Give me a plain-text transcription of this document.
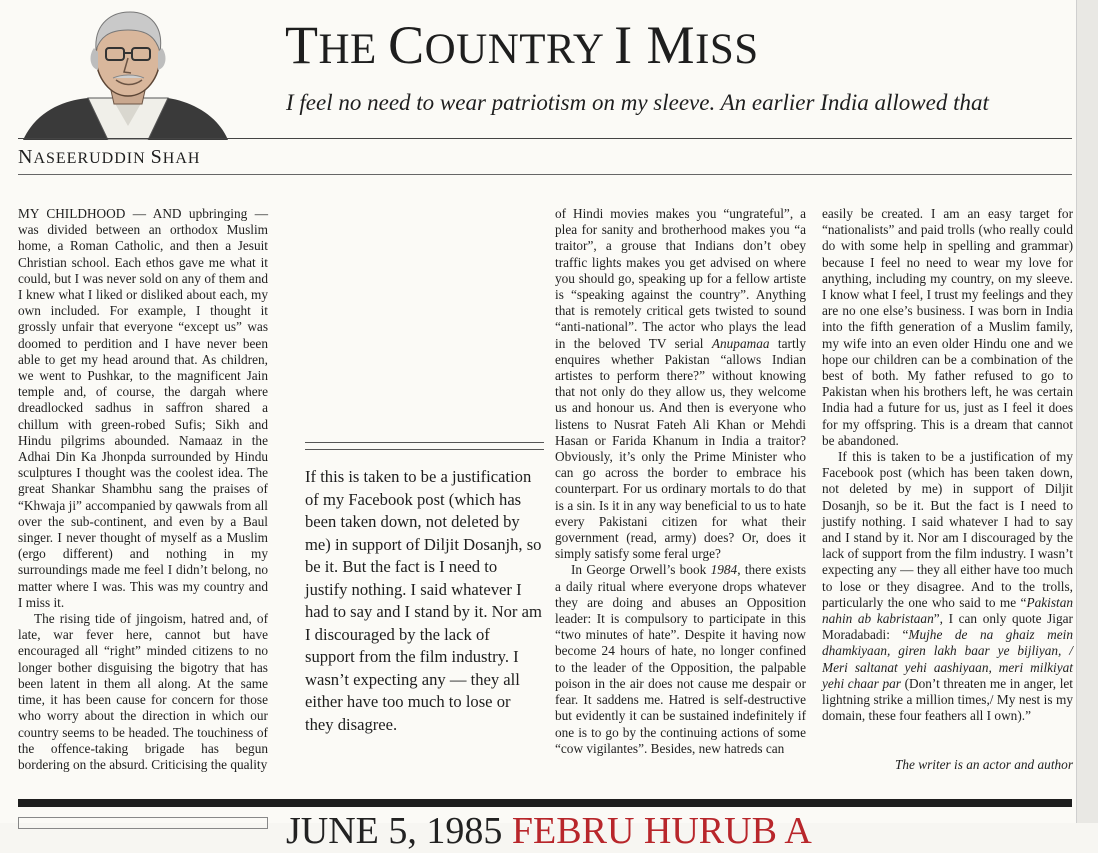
THE COUNTRY I MISS
I feel no need to wear patriotism on my sleeve. An earlier India allowed that
NASEERUDDIN SHAH

MY CHILDHOOD — AND upbringing — was divided between an orthodox Muslim home, a Roman Catholic, and then a Jesuit Christian school. Each ethos gave me what it could, but I was never sold on any of them and I knew what I liked or disliked about each, my own included. For example, I thought it grossly unfair that everyone “except us” was doomed to perdition and I have never been able to get my head around that. As children, we went to Pushkar, to the magnificent Jain temple and, of course, the dargah where dreadlocked sadhus in saffron shared a chillum with green-robed Sufis; Sikh and Hindu pilgrims abounded. Namaaz in the Adhai Din Ka Jhonpda surrounded by Hindu sculptures I thought was the coolest idea. The great Shankar Shambhu sang the praises of “Khwaja ji” accompanied by qawwals from all over the sub-continent, and even by a Baul singer. I never thought of myself as a Muslim (ergo different) and nothing in my surroundings made me feel I didn’t belong, no matter where I was. This was my country and I miss it.

The rising tide of jingoism, hatred and, of late, war fever here, cannot but have encouraged all “right” minded citizens to no longer bother disguising the bigotry that has been latent in them all along. At the same time, it has been cause for concern for those who worry about the direction in which our country seems to be headed. The touchiness of the offence-taking brigade has begun bordering on the absurd. Criticising the quality

If this is taken to be a justification of my Facebook post (which has been taken down, not deleted by me) in support of Diljit Dosanjh, so be it. But the fact is I need to justify nothing. I said whatever I had to say and I stand by it. Nor am I discouraged by the lack of support from the film industry. I wasn’t expecting any — they all either have too much to lose or they disagree.

of Hindi movies makes you “ungrateful”, a plea for sanity and brotherhood makes you “a traitor”, a grouse that Indians don’t obey traffic lights makes you get advised on where you should go, speaking up for a fellow artiste is “speaking against the country”. Anything that is remotely critical gets twisted to sound “anti-national”. The actor who plays the lead in the beloved TV serial Anupamaa tartly enquires whether Pakistan “allows Indian artistes to perform there?” without knowing that not only do they allow us, they welcome us and honour us. And then is everyone who listens to Nusrat Fateh Ali Khan or Mehdi Hasan or Farida Khanum in India a traitor? Obviously, it’s only the Prime Minister who can go across the border to embrace his counterpart. For us ordinary mortals to do that is a sin. Is it in any way beneficial to us to hate every Pakistani citizen for what their government (read, army) does? Or, does it simply satisfy some feral urge?

In George Orwell’s book 1984, there exists a daily ritual where everyone drops whatever they are doing and abuses an Opposition leader: It is compulsory to participate in this “two minutes of hate”. Despite it having now become 24 hours of hate, no longer confined to the leader of the Opposition, the palpable poison in the air does not cause me despair or fear. It saddens me. Hatred is self-destructive but evidently it can be sustained indefinitely if one is to go by the continuing actions of some “cow vigilantes”. Besides, new hatreds can

easily be created. I am an easy target for “nationalists” and paid trolls (who really could do with some help in spelling and grammar) because I feel no need to wear my love for anything, including my country, on my sleeve. I know what I feel, I trust my feelings and they are no one else’s business. I was born in India into the fifth generation of a Muslim family, my wife into an even older Hindu one and we hope our children can be a combination of the best of both. My father refused to go to Pakistan when his brothers left, he was certain India had a future for us, just as I feel it does for my offspring. This is a dream that cannot be abandoned.

If this is taken to be a justification of my Facebook post (which has been taken down, not deleted by me) in support of Diljit Dosanjh, so be it. But the fact is I need to justify nothing. I said whatever I had to say and I stand by it. Nor am I discouraged by the lack of support from the film industry. I wasn’t expecting any — they all either have too much to lose or they disagree. And to the trolls, particularly the one who said to me “Pakistan nahin ab kabristaan”, I can only quote Jigar Moradabadi: “Mujhe de na ghaiz mein dhamkiyaan, giren lakh baar ye bijliyan, / Meri saltanat yehi aashiyaan, meri milkiyat yehi chaar par (Don’t threaten me in anger, let lightning strike a million times,/ My nest is my domain, these four feathers all I own).”

The writer is an actor and author
JUNE 5, 1985 FEBRU HURUB A
